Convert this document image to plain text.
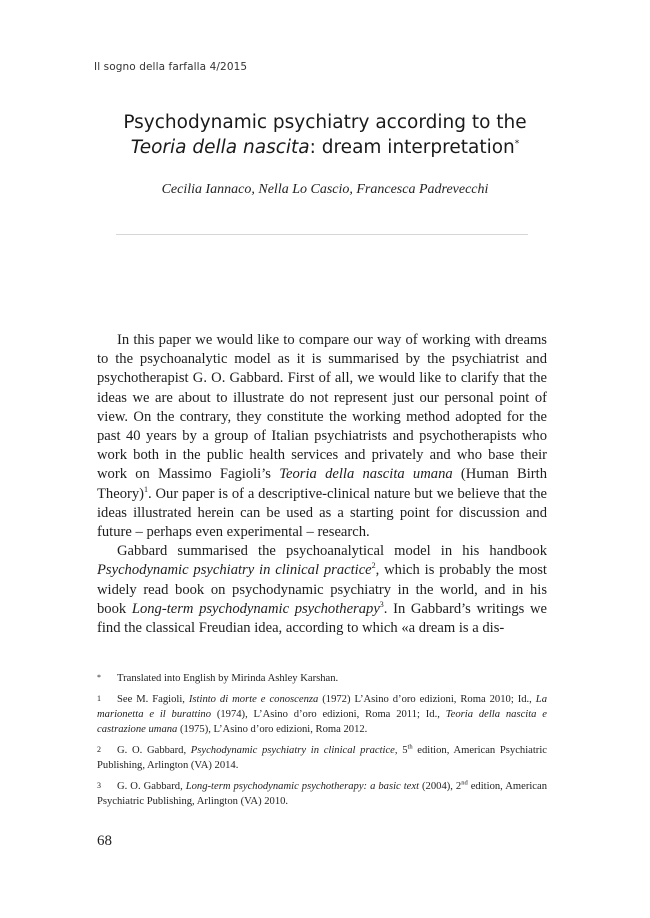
Il sogno della farfalla 4/2015
Psychodynamic psychiatry according to the
Teoria della nascita: dream interpretation*
Cecilia Iannaco, Nella Lo Cascio, Francesca Padrevecchi

In this paper we would like to compare our way of working with dreams to the psychoanalytic model as it is summarised by the psychiatrist and psychotherapist G. O. Gabbard. First of all, we would like to clarify that the ideas we are about to illustrate do not represent just our personal point of view. On the contrary, they constitute the working method adopted for the past 40 years by a group of Italian psychiatrists and psychotherapists who work both in the public health services and privately and who base their work on Massimo Fagioli’s Teoria della nascita umana (Human Birth Theory)$^1$. Our paper is of a descriptive-clinical nature but we believe that the ideas illustrated herein can be used as a starting point for discussion and future – perhaps even experimental – research.

Gabbard summarised the psychoanalytical model in his handbook Psychodynamic psychiatry in clinical practice$^2$, which is probably the most widely read book on psychodynamic psychiatry in the world, and in his book Long-term psychodynamic psychotherapy$^3$. In Gabbard’s writings we find the classical Freudian idea, according to which «a dream is a dis-

* Translated into English by Mirinda Ashley Karshan.
1 See M. Fagioli, Istinto di morte e conoscenza (1972) L’Asino d’oro edizioni, Roma 2010; Id., La marionetta e il burattino (1974), L’Asino d’oro edizioni, Roma 2011; Id., Teoria della nascita e castrazione umana (1975), L’Asino d’oro edizioni, Roma 2012.
2 G. O. Gabbard, Psychodynamic psychiatry in clinical practice, 5th edition, American Psychiatric Publishing, Arlington (VA) 2014.
3 G. O. Gabbard, Long-term psychodynamic psychotherapy: a basic text (2004), 2nd edition, American Psychiatric Publishing, Arlington (VA) 2010.
68
